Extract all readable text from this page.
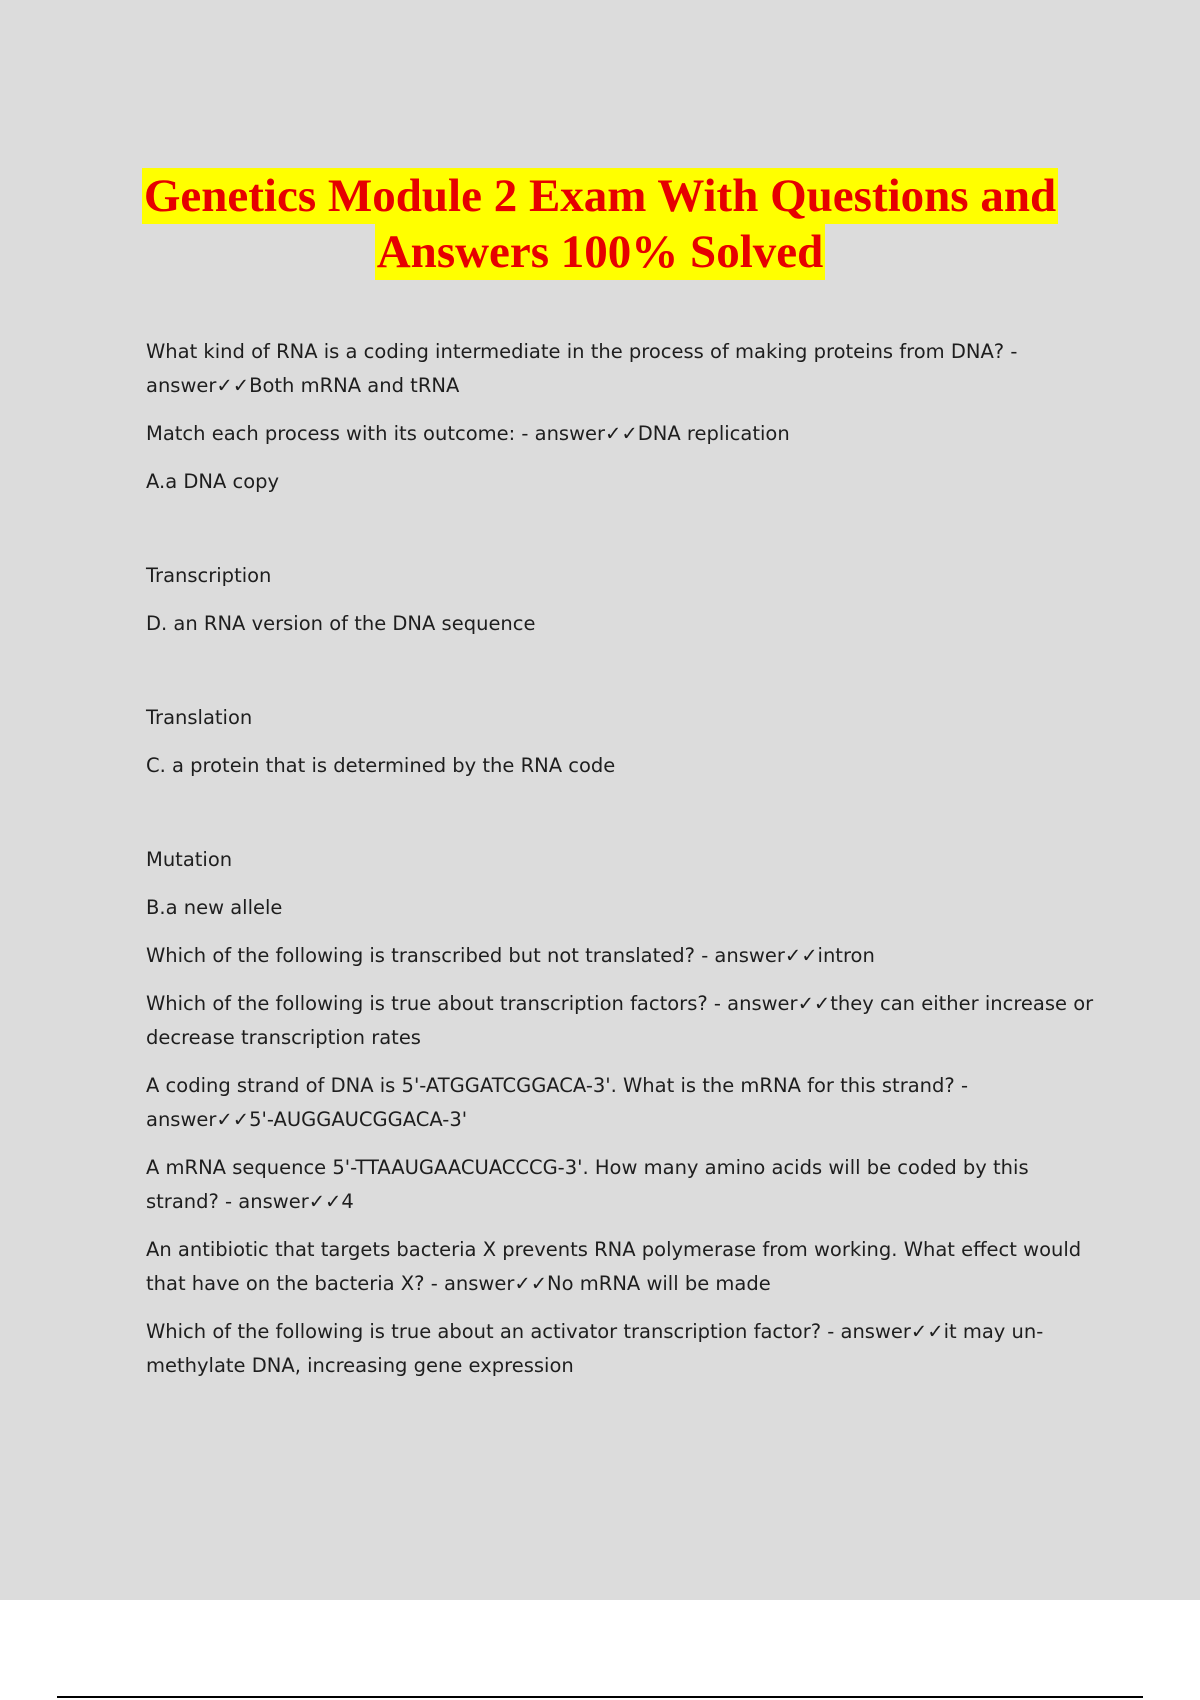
Genetics Module 2 Exam With Questions and
Answers 100% Solved

What kind of RNA is a coding intermediate in the process of making proteins from DNA? - answer✓✓Both mRNA and tRNA

Match each process with its outcome: - answer✓✓DNA replication

A.a DNA copy

Transcription

D. an RNA version of the DNA sequence

Translation

C. a protein that is determined by the RNA code

Mutation

B.a new allele

Which of the following is transcribed but not translated? - answer✓✓intron

Which of the following is true about transcription factors? - answer✓✓they can either increase or decrease transcription rates

A coding strand of DNA is 5'-ATGGATCGGACA-3'. What is the mRNA for this strand? - answer✓✓5'-AUGGAUCGGACA-3'

A mRNA sequence 5'-TTAAUGAACUACCCG-3'. How many amino acids will be coded by this strand? - answer✓✓4

An antibiotic that targets bacteria X prevents RNA polymerase from working. What effect would that have on the bacteria X? - answer✓✓No mRNA will be made

Which of the following is true about an activator transcription factor? - answer✓✓it may un-methylate DNA, increasing gene expression
